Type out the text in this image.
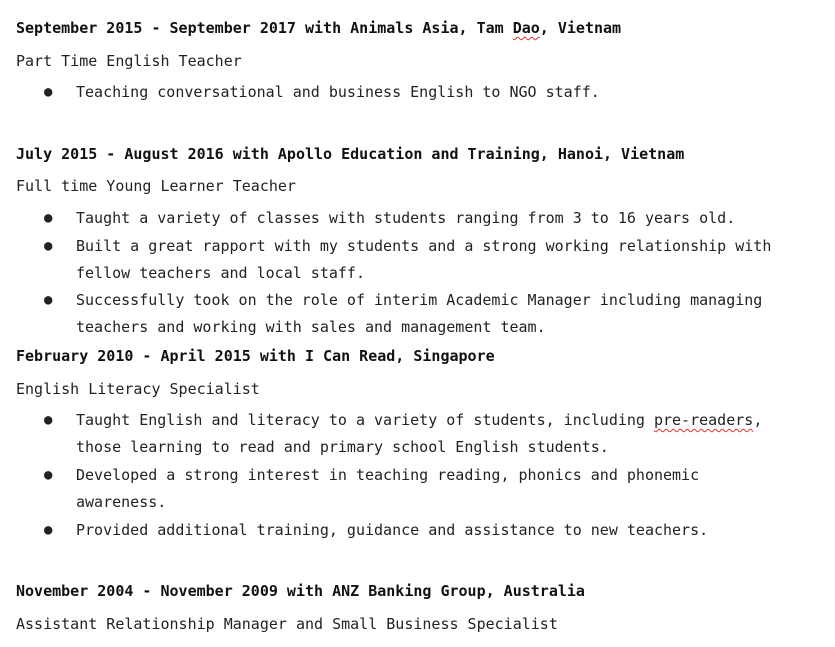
September 2015 - September 2017 with Animals Asia, Tam Dao, Vietnam
Part Time English Teacher
● Teaching conversational and business English to NGO staff.
July 2015 - August 2016 with Apollo Education and Training, Hanoi, Vietnam
Full time Young Learner Teacher
● Taught a variety of classes with students ranging from 3 to 16 years old.
● Built a great rapport with my students and a strong working relationship with
fellow teachers and local staff.
● Successfully took on the role of interim Academic Manager including managing
teachers and working with sales and management team.
February 2010 - April 2015 with I Can Read, Singapore
English Literacy Specialist
● Taught English and literacy to a variety of students, including pre-readers,
those learning to read and primary school English students.
● Developed a strong interest in teaching reading, phonics and phonemic
awareness.
● Provided additional training, guidance and assistance to new teachers.
November 2004 - November 2009 with ANZ Banking Group, Australia
Assistant Relationship Manager and Small Business Specialist
